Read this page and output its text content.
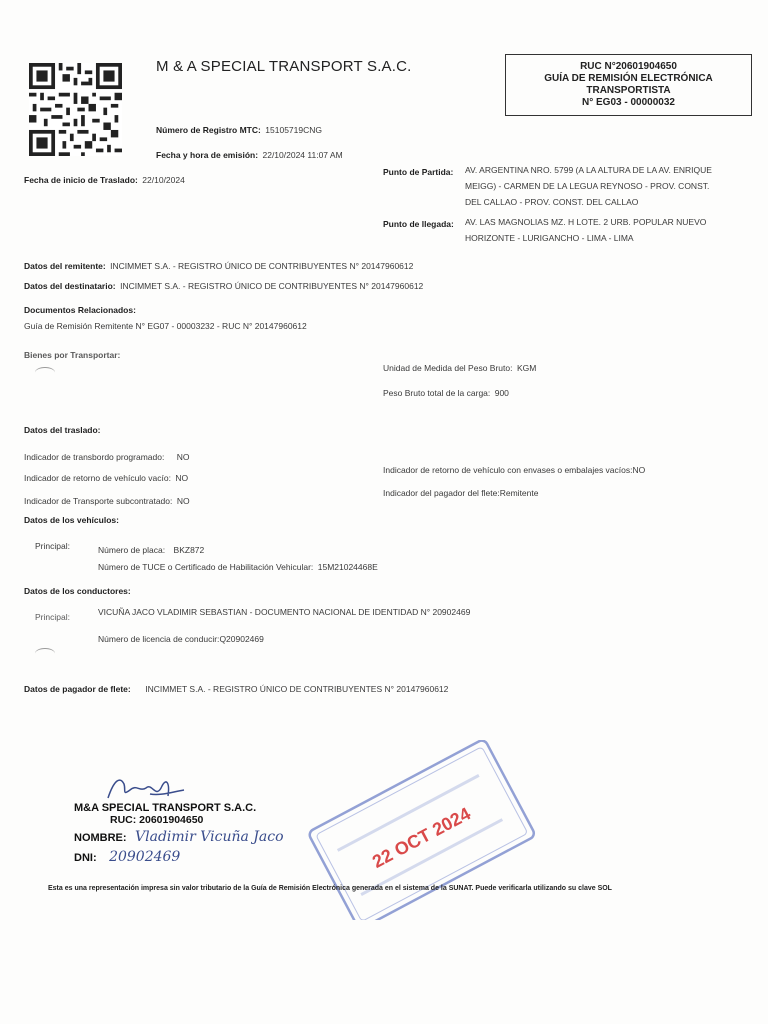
M & A SPECIAL TRANSPORT S.A.C.	RUC N°20601904650
GUÍA DE REMISIÓN ELECTRÓNICA
TRANSPORTISTA
N° EG03 - 00000032
Número de Registro MTC: 15105719CNG
Fecha y hora de emisión: 22/10/2024 11:07 AM
Fecha de inicio de Traslado: 22/10/2024
Punto de Partida: AV. ARGENTINA NRO. 5799 (A LA ALTURA DE LA AV. ENRIQUE
MEIGG) - CARMEN DE LA LEGUA REYNOSO - PROV. CONST.
DEL CALLAO - PROV. CONST. DEL CALLAO
Punto de llegada: AV. LAS MAGNOLIAS MZ. H LOTE. 2 URB. POPULAR NUEVO
HORIZONTE - LURIGANCHO - LIMA - LIMA
Datos del remitente: INCIMMET S.A. - REGISTRO ÚNICO DE CONTRIBUYENTES N° 20147960612
Datos del destinatario: INCIMMET S.A. - REGISTRO ÚNICO DE CONTRIBUYENTES N° 20147960612
Documentos Relacionados:
Guía de Remisión Remitente N° EG07 - 00003232 - RUC N° 20147960612
Bienes por Transportar:
Unidad de Medida del Peso Bruto: KGM
Peso Bruto total de la carga: 900
Datos del traslado:
Indicador de transbordo programado: NO
Indicador de retorno de vehículo vacío: NO
Indicador de Transporte subcontratado: NO
Indicador de retorno de vehículo con envases o embalajes vacíos:NO
Indicador del pagador del flete:Remitente
Datos de los vehículos:
Principal:	Número de placa: BKZ872
Número de TUCE o Certificado de Habilitación Vehicular: 15M21024468E
Datos de los conductores:
Principal:	VICUÑA JACO VLADIMIR SEBASTIAN - DOCUMENTO NACIONAL DE IDENTIDAD N° 20902469
Número de licencia de conducir:Q20902469
Datos de pagador de flete: INCIMMET S.A. - REGISTRO ÚNICO DE CONTRIBUYENTES N° 20147960612
M&A SPECIAL TRANSPORT S.A.C.
RUC: 20601904650
NOMBRE: Vladimir Vicuña Jaco
DNI: 20902469	22 OCT 2024
Esta es una representación impresa sin valor tributario de la Guía de Remisión Electrónica generada en el sistema de la SUNAT. Puede verificarla utilizando su clave SOL
